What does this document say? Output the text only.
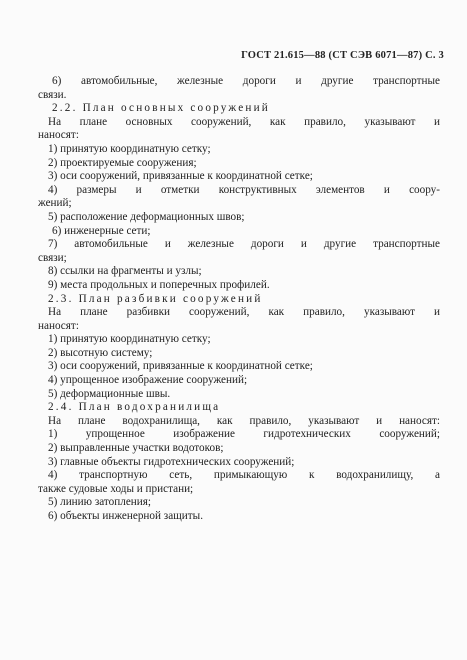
ГОСТ 21.615—88 (СТ СЭВ 6071—87) С. 3
6) автомобильные, железные дороги и другие транспортные
связи.
2.2. План основных сооружений
На плане основных сооружений, как правило, указывают и
наносят:
1) принятую координатную сетку;
2) проектируемые сооружения;
3) оси сооружений, привязанные к координатной сетке;
4) размеры и отметки конструктивных элементов и соору-
жений;
5) расположение деформационных швов;
6) инженерные сети;
7) автомобильные и железные дороги и другие транспортные
связи;
8) ссылки на фрагменты и узлы;
9) места продольных и поперечных профилей.
2.3. План разбивки сооружений
На плане разбивки сооружений, как правило, указывают и
наносят:
1) принятую координатную сетку;
2) высотную систему;
3) оси сооружений, привязанные к координатной сетке;
4) упрощенное изображение сооружений;
5) деформационные швы.
2.4. План водохранилища
На плане водохранилища, как правило, указывают и наносят:
1) упрощенное изображение гидротехнических сооружений;
2) выправленные участки водотоков;
3) главные объекты гидротехнических сооружений;
4) транспортную сеть, примыкающую к водохранилищу, а
также судовые ходы и пристани;
5) линию затопления;
6) объекты инженерной защиты.
